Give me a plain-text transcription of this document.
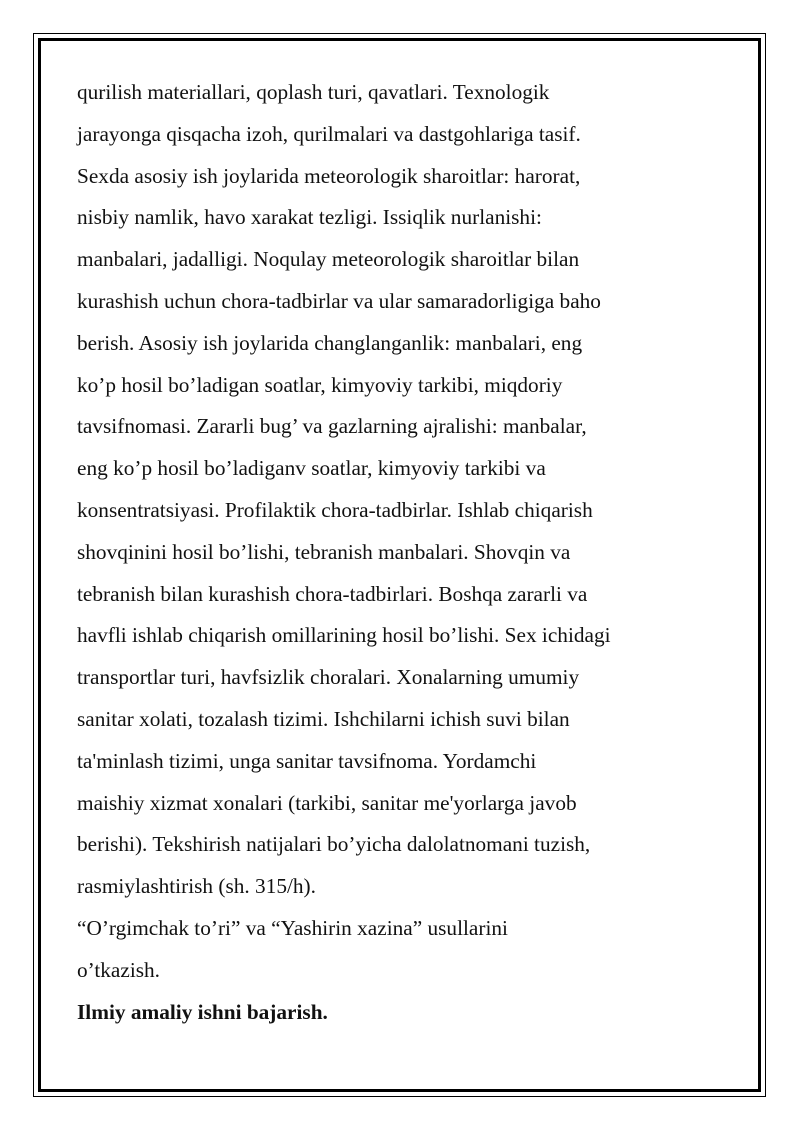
qurilish materiallari, qoplash turi, qavatlari. Texnologik
jarayonga qisqacha izoh, qurilmalari va dastgohlariga tasif.
Sexda asosiy ish joylarida meteorologik sharoitlar: harorat,
nisbiy namlik, havo xarakat tezligi. Issiqlik nurlanishi:
manbalari, jadalligi. Noqulay meteorologik sharoitlar bilan
kurashish uchun chora-tadbirlar va ular samaradorligiga baho
berish. Asosiy ish joylarida changlanganlik: manbalari, eng
ko’p hosil bo’ladigan soatlar, kimyoviy tarkibi, miqdoriy
tavsifnomasi. Zararli bug’ va gazlarning ajralishi: manbalar,
eng ko’p hosil bo’ladiganv soatlar, kimyoviy tarkibi va
konsentratsiyasi. Profilaktik chora-tadbirlar. Ishlab chiqarish
shovqinini hosil bo’lishi, tebranish manbalari. Shovqin va
tebranish bilan kurashish chora-tadbirlari. Boshqa zararli va
havfli ishlab chiqarish omillarining hosil bo’lishi. Sex ichidagi
transportlar turi, havfsizlik choralari. Xonalarning umumiy
sanitar xolati, tozalash tizimi. Ishchilarni ichish suvi bilan
ta'minlash tizimi, unga sanitar tavsifnoma. Yordamchi
maishiy xizmat xonalari (tarkibi, sanitar me'yorlarga javob
berishi). Tekshirish natijalari bo’yicha dalolatnomani tuzish,
rasmiylashtirish (sh. 315/h).
“O’rgimchak to’ri” va “Yashirin xazina” usullarini
o’tkazish.
Ilmiy amaliy ishni bajarish.
